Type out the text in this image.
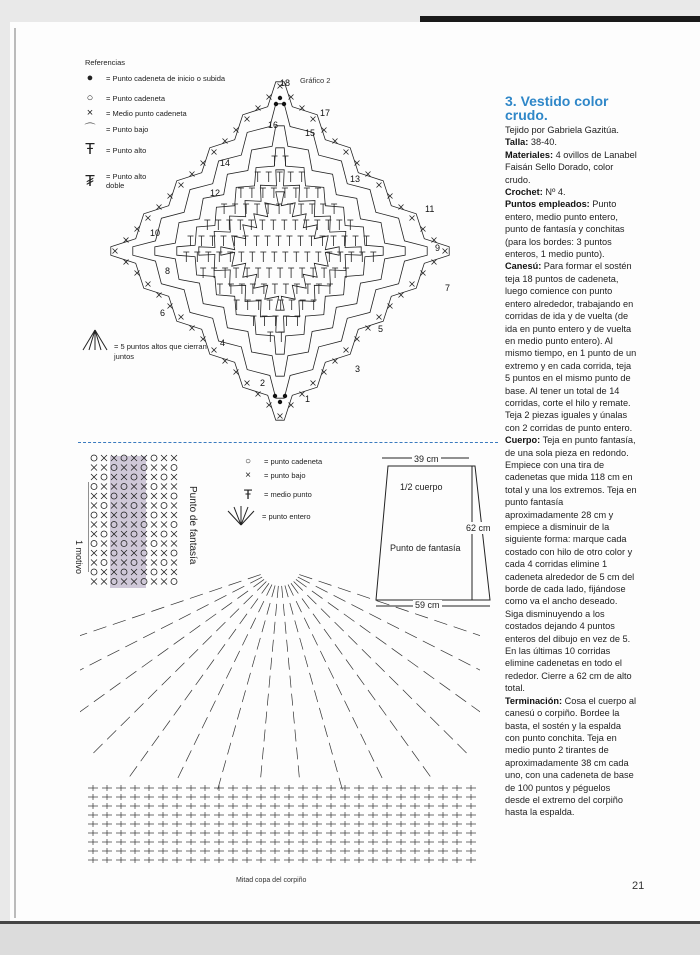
Referencias
●	= Punto cadeneta de inicio o subida
○	= Punto cadeneta
×	= Medio punto cadeneta
⌒	= Punto bajo
Ŧ	= Punto alto
₮	= Punto alto doble
= 5 puntos altos que cierran juntos
Gráfico 2
18
17
16
15
14
13
12
11
10
9
8
7
6
5
4
3
2
1
Punto de fantasía
1 motivo
○	= punto cadeneta
×	= punto bajo
Ŧ = medio punto
= punto entero
39 cm
1/2 cuerpo
Punto de fantasía
62 cm
59 cm
Mitad copa del corpiño
3. Vestido color crudo.

Tejido por Gabriela Gazitúa.

Talla: 38-40.

Materiales: 4 ovillos de Lanabel Faisán Sello Dorado, color crudo.

Crochet: Nº 4.

Puntos empleados: Punto entero, medio punto entero, punto de fantasía y conchitas (para los bordes: 3 puntos enteros, 1 medio punto).

Canesú: Para formar el sostén teja 18 puntos de cadeneta, luego comience con punto entero alrededor, trabajando en corridas de ida y de vuelta (de ida en punto entero y de vuelta en medio punto entero). Al mismo tiempo, en 1 punto de un extremo y en cada corrida, teja 5 puntos en el mismo punto de base. Al tener un total de 14 corridas, corte el hilo y remate. Teja 2 piezas iguales y únalas con 2 corridas de punto entero.

Cuerpo: Teja en punto fantasía, de una sola pieza en redondo. Empiece con una tira de cadenetas que mida 118 cm en total y una los extremos. Teja en punto fantasía aproximadamente 28 cm y empiece a disminuir de la siguiente forma: marque cada costado con hilo de otro color y cada 4 corridas elimine 1 cadeneta alrededor de 5 cm del borde de cada lado, fijándose como va el ancho deseado. Siga disminuyendo a los costados dejando 4 puntos enteros del dibujo en vez de 5. En las últimas 10 corridas elimine cadenetas en todo el rededor. Cierre a 62 cm de alto total.

Terminación: Cosa el cuerpo al canesú o corpiño. Bordee la basta, el sostén y la espalda con punto conchita. Teja en medio punto 2 tirantes de aproximadamente 38 cm cada uno, con una cadeneta de base de 100 puntos y péguelos desde el extremo del corpiño hasta la espalda.

21
